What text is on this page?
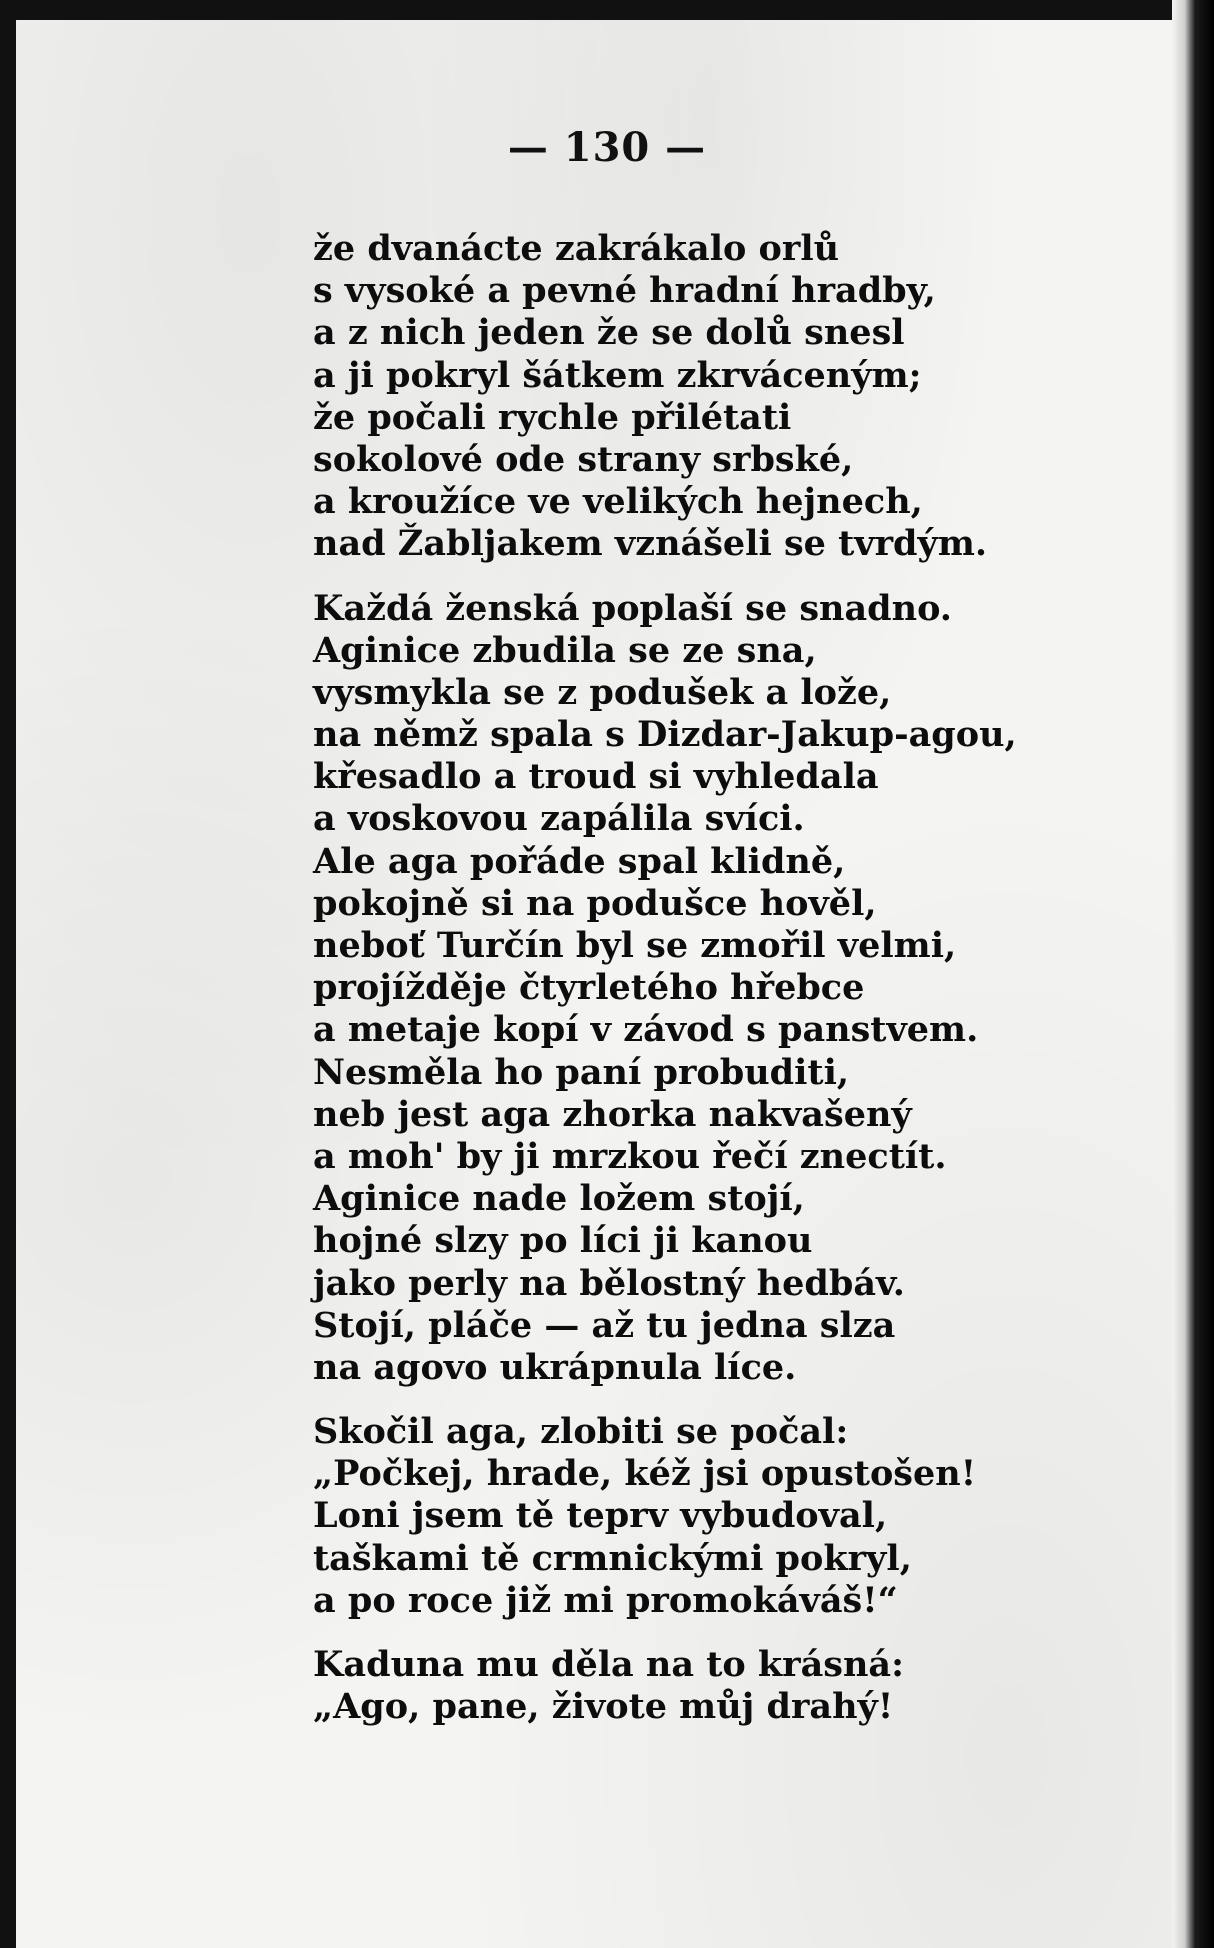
— 130 —
že dvanácte zakrákalo orlů
s vysoké a pevné hradní hradby,
a z nich jeden že se dolů snesl
a ji pokryl šátkem zkrváceným;
že počali rychle přilétati
sokolové ode strany srbské,
a kroužíce ve velikých hejnech,
nad Žabljakem vznášeli se tvrdým.
Každá ženská poplaší se snadno.
Aginice zbudila se ze sna,
vysmykla se z podušek a lože,
na němž spala s Dizdar-Jakup-agou,
křesadlo a troud si vyhledala
a voskovou zapálila svíci.
Ale aga pořáde spal klidně,
pokojně si na podušce hověl,
neboť Turčín byl se zmořil velmi,
projížděje čtyrletého hřebce
a metaje kopí v závod s panstvem.
Nesměla ho paní probuditi,
neb jest aga zhorka nakvašený
a moh' by ji mrzkou řečí znectít.
Aginice nade ložem stojí,
hojné slzy po líci ji kanou
jako perly na bělostný hedbáv.
Stojí, pláče — až tu jedna slza
na agovo ukrápnula líce.
Skočil aga, zlobiti se počal:
„Počkej, hrade, kéž jsi opustošen!
Loni jsem tě teprv vybudoval,
taškami tě crmnickými pokryl,
a po roce již mi promokáváš!“
Kaduna mu děla na to krásná:
„Ago, pane, živote můj drahý!
